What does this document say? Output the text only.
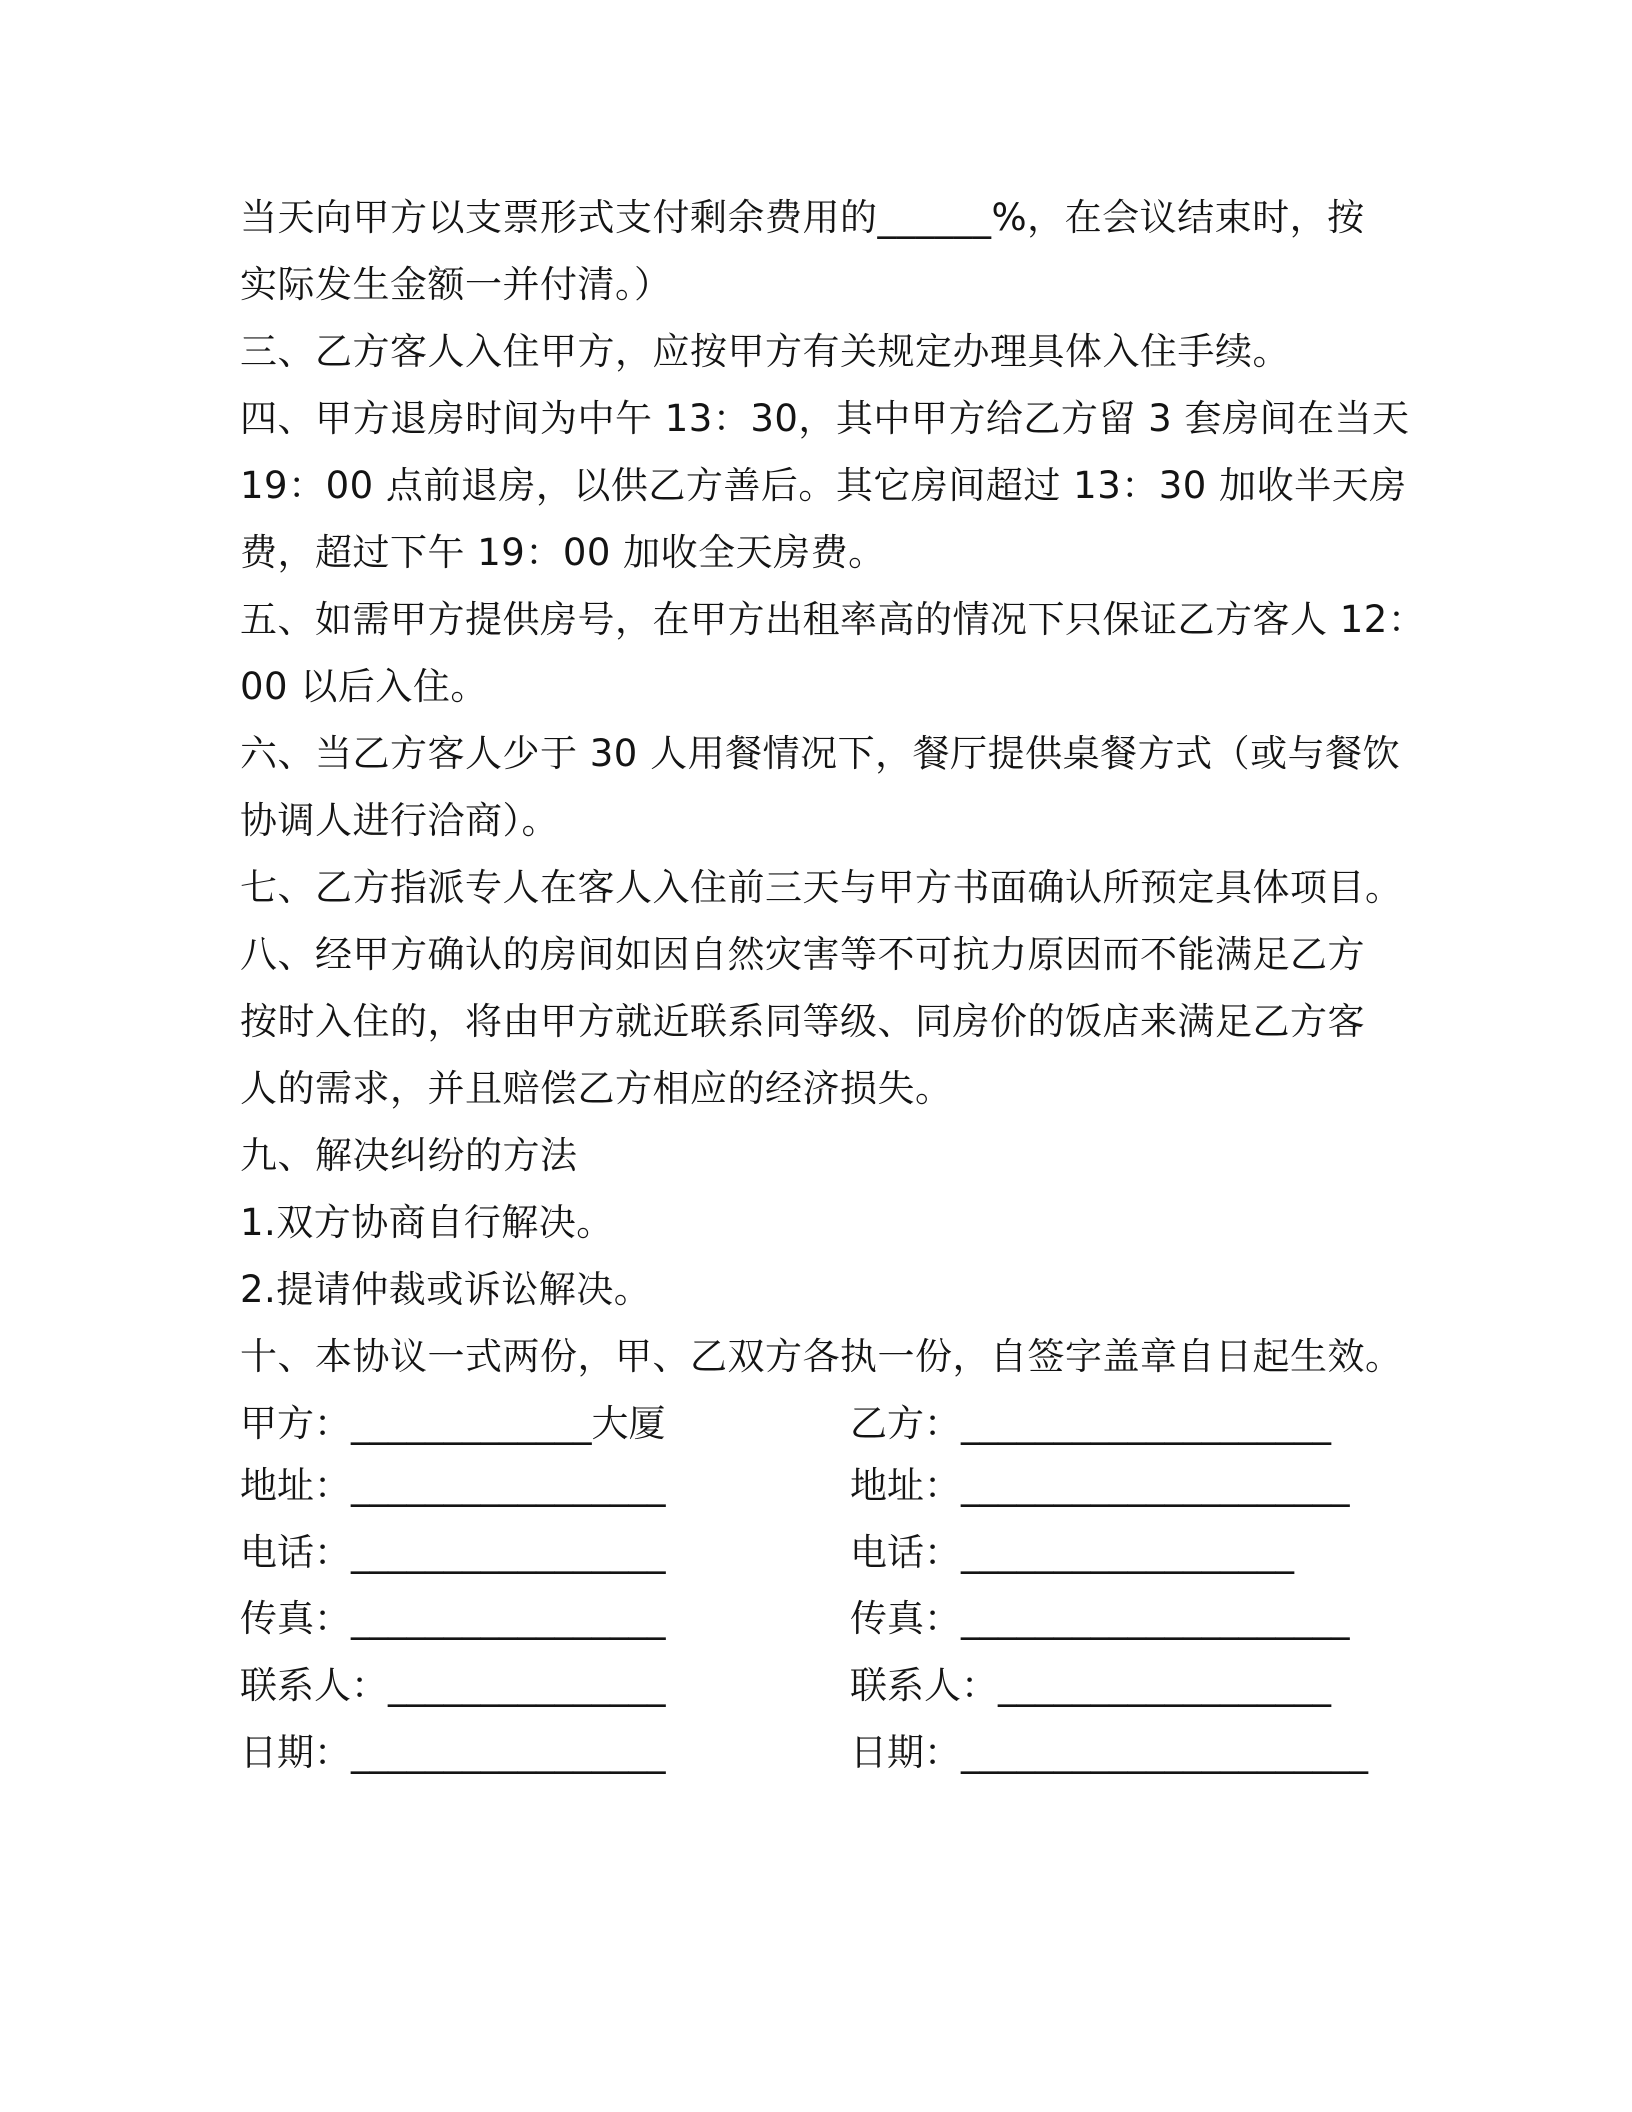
当天向甲方以支票形式支付剩余费用的______%，在会议结束时，按
实际发生金额一并付清。）
三、乙方客人入住甲方，应按甲方有关规定办理具体入住手续。
四、甲方退房时间为中午 13：30，其中甲方给乙方留 3 套房间在当天
19：00 点前退房，以供乙方善后。其它房间超过 13：30 加收半天房
费，超过下午 19：00 加收全天房费。
五、如需甲方提供房号，在甲方出租率高的情况下只保证乙方客人 12：
00 以后入住。
六、当乙方客人少于 30 人用餐情况下，餐厅提供桌餐方式（或与餐饮
协调人进行洽商）。
七、乙方指派专人在客人入住前三天与甲方书面确认所预定具体项目。
八、经甲方确认的房间如因自然灾害等不可抗力原因而不能满足乙方
按时入住的，将由甲方就近联系同等级、同房价的饭店来满足乙方客
人的需求，并且赔偿乙方相应的经济损失。
九、解决纠纷的方法
1.双方协商自行解决。
2.提请仲裁或诉讼解决。
十、本协议一式两份，甲、乙双方各执一份，自签字盖章自日起生效。
甲方：_____________大厦	乙方：____________________
地址：_________________	地址：_____________________
电话：_________________	电话：__________________
传真：_________________	传真：_____________________
联系人：_______________	联系人：__________________
日期：_________________	日期：______________________
